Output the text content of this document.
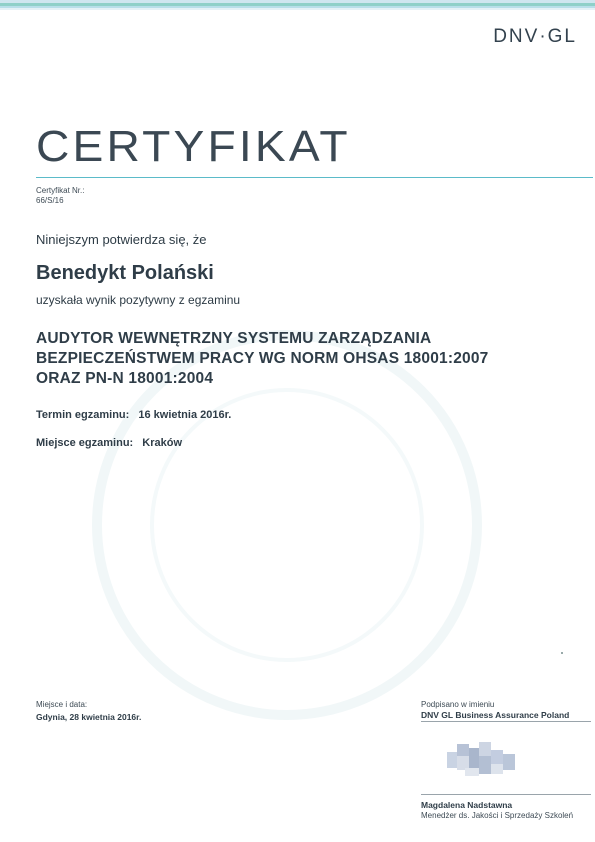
DNV·GL
CERTYFIKAT
Certyfikat Nr.:
66/S/16
Niniejszym potwierdza się, że
Benedykt Polański
uzyskała wynik pozytywny z egzaminu
AUDYTOR WEWNĘTRZNY SYSTEMU ZARZĄDZANIA
BEZPIECZEŃSTWEM PRACY WG NORM OHSAS 18001:2007
ORAZ PN-N 18001:2004
Termin egzaminu: 16 kwietnia 2016r.
Miejsce egzaminu: Kraków
Miejsce i data:
Gdynia, 28 kwietnia 2016r.
Podpisano w imieniu
DNV GL Business Assurance Poland
Magdalena Nadstawna
Menedżer ds. Jakości i Sprzedaży Szkoleń
